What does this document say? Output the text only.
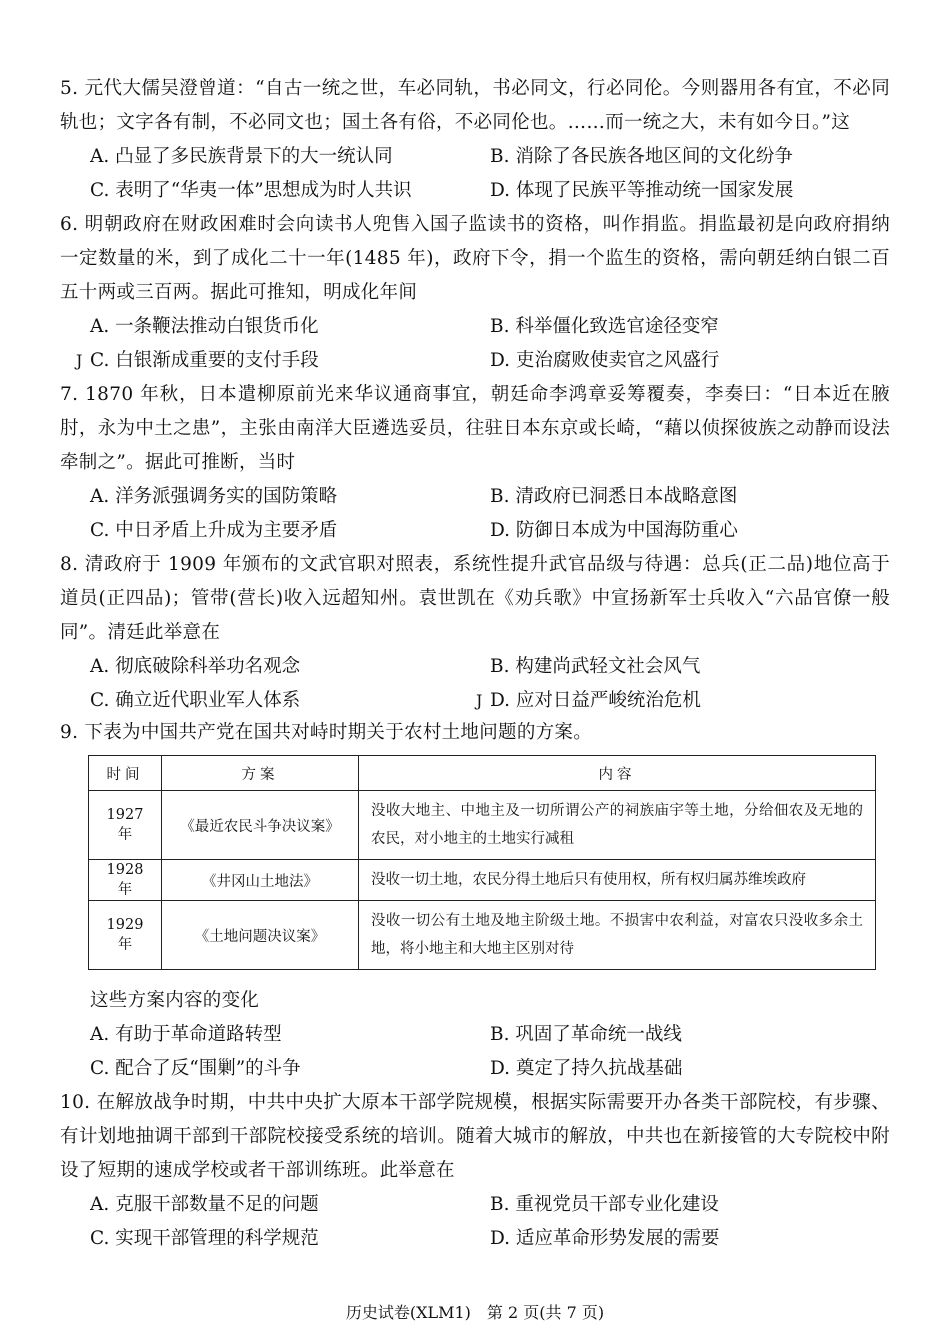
5. 元代大儒吴澄曾道：“自古一统之世，车必同轨，书必同文，行必同伦。今则器用各有宜，不必同轨也；文字各有制，不必同文也；国土各有俗，不必同伦也。……而一统之大，未有如今日。”这

A. 凸显了多民族背景下的大一统认同	B. 消除了各民族各地区间的文化纷争
C. 表明了“华夷一体”思想成为时人共识	D. 体现了民族平等推动统一国家发展

6. 明朝政府在财政困难时会向读书人兜售入国子监读书的资格，叫作捐监。捐监最初是向政府捐纳一定数量的米，到了成化二十一年(1485 年)，政府下令，捐一个监生的资格，需向朝廷纳白银二百五十两或三百两。据此可推知，明成化年间

A. 一条鞭法推动白银货币化	B. 科举僵化致选官途径变窄
J C. 白银渐成重要的支付手段	D. 吏治腐败使卖官之风盛行

7. 1870 年秋，日本遣柳原前光来华议通商事宜，朝廷命李鸿章妥筹覆奏，李奏曰：“日本近在腋肘，永为中土之患”，主张由南洋大臣遴选妥员，往驻日本东京或长崎，“藉以侦探彼族之动静而设法牵制之”。据此可推断，当时

A. 洋务派强调务实的国防策略	B. 清政府已洞悉日本战略意图
C. 中日矛盾上升成为主要矛盾	D. 防御日本成为中国海防重心

8. 清政府于 1909 年颁布的文武官职对照表，系统性提升武官品级与待遇：总兵(正二品)地位高于道员(正四品)；管带(营长)收入远超知州。袁世凯在《劝兵歌》中宣扬新军士兵收入“六品官僚一般同”。清廷此举意在

A. 彻底破除科举功名观念	B. 构建尚武轻文社会风气
C. 确立近代职业军人体系	J D. 应对日益严峻统治危机

9. 下表为中国共产党在国共对峙时期关于农村土地问题的方案。

时间	方案	内容
1927 年	《最近农民斗争决议案》	没收大地主、中地主及一切所谓公产的祠族庙宇等土地，分给佃农及无地的农民，对小地主的土地实行减租
1928 年	《井冈山土地法》	没收一切土地，农民分得土地后只有使用权，所有权归属苏维埃政府
1929 年	《土地问题决议案》	没收一切公有土地及地主阶级土地。不损害中农利益，对富农只没收多余土地，将小地主和大地主区别对待

这些方案内容的变化

A. 有助于革命道路转型	B. 巩固了革命统一战线
C. 配合了反“围剿”的斗争	D. 奠定了持久抗战基础

10. 在解放战争时期，中共中央扩大原本干部学院规模，根据实际需要开办各类干部院校，有步骤、有计划地抽调干部到干部院校接受系统的培训。随着大城市的解放，中共也在新接管的大专院校中附设了短期的速成学校或者干部训练班。此举意在

A. 克服干部数量不足的问题	B. 重视党员干部专业化建设
C. 实现干部管理的科学规范	D. 适应革命形势发展的需要
历史试卷(XLM1)　第 2 页(共 7 页)
